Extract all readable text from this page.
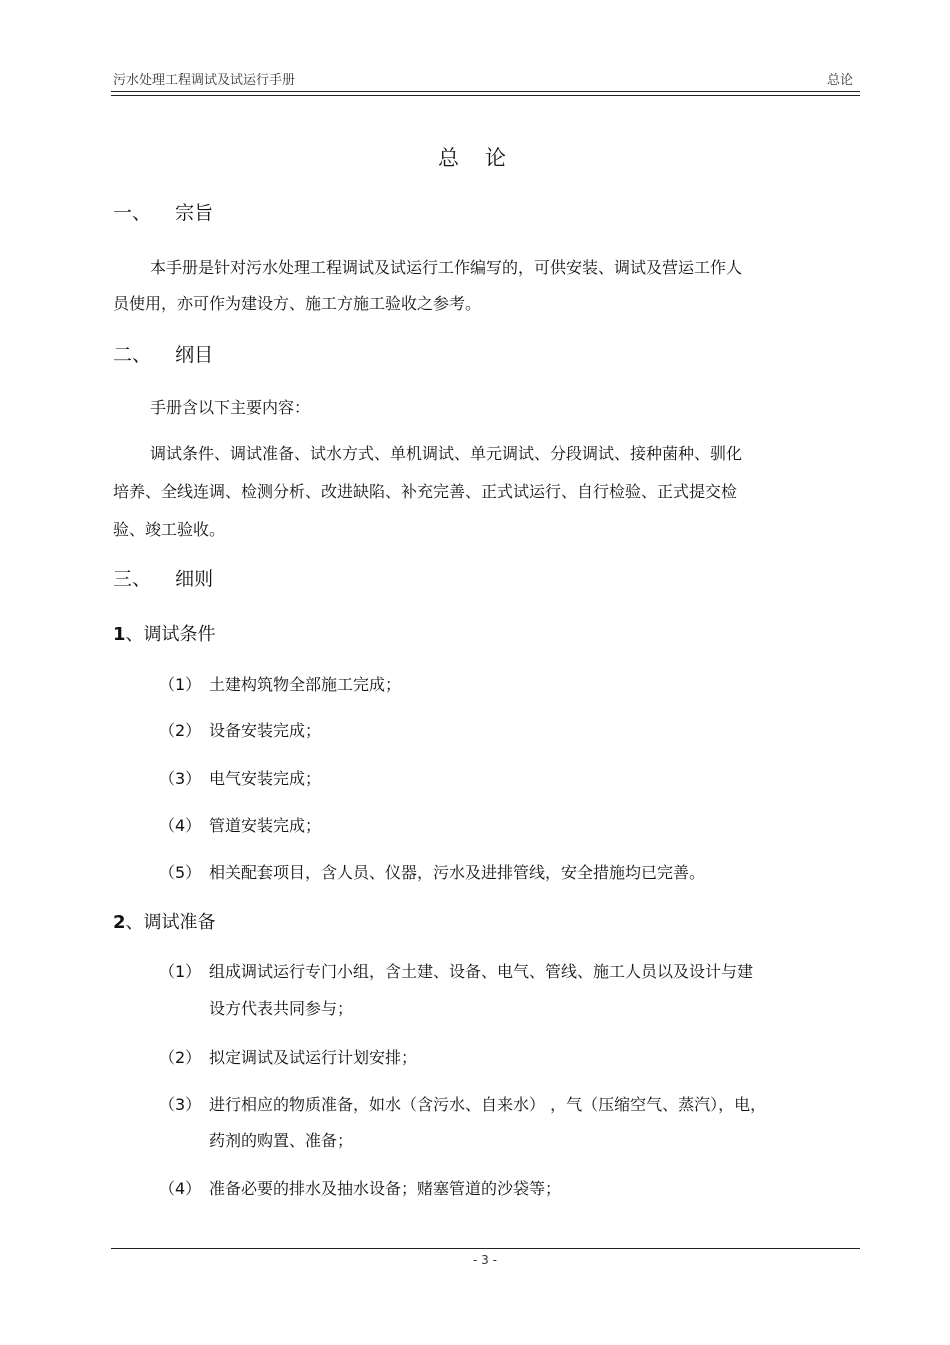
污水处理工程调试及试运行手册	总论
总论
一、    宗旨
本手册是针对污水处理工程调试及试运行工作编写的，可供安装、调试及营运工作人
员使用，亦可作为建设方、施工方施工验收之参考。
二、    纲目
手册含以下主要内容：
调试条件、调试准备、试水方式、单机调试、单元调试、分段调试、接种菌种、驯化
培养、全线连调、检测分析、改进缺陷、补充完善、正式试运行、自行检验、正式提交检
验、竣工验收。
三、    细则
1、调试条件
（1） 土建构筑物全部施工完成；
（2） 设备安装完成；
（3） 电气安装完成；
（4） 管道安装完成；
（5） 相关配套项目，含人员、仪器，污水及进排管线，安全措施均已完善。
2、调试准备
（1） 组成调试运行专门小组，含土建、设备、电气、管线、施工人员以及设计与建
设方代表共同参与；
（2） 拟定调试及试运行计划安排；
（3） 进行相应的物质准备，如水（含污水、自来水） ，气（压缩空气、蒸汽），电，
药剂的购置、准备；
（4） 准备必要的排水及抽水设备；赌塞管道的沙袋等；
- 3 -
